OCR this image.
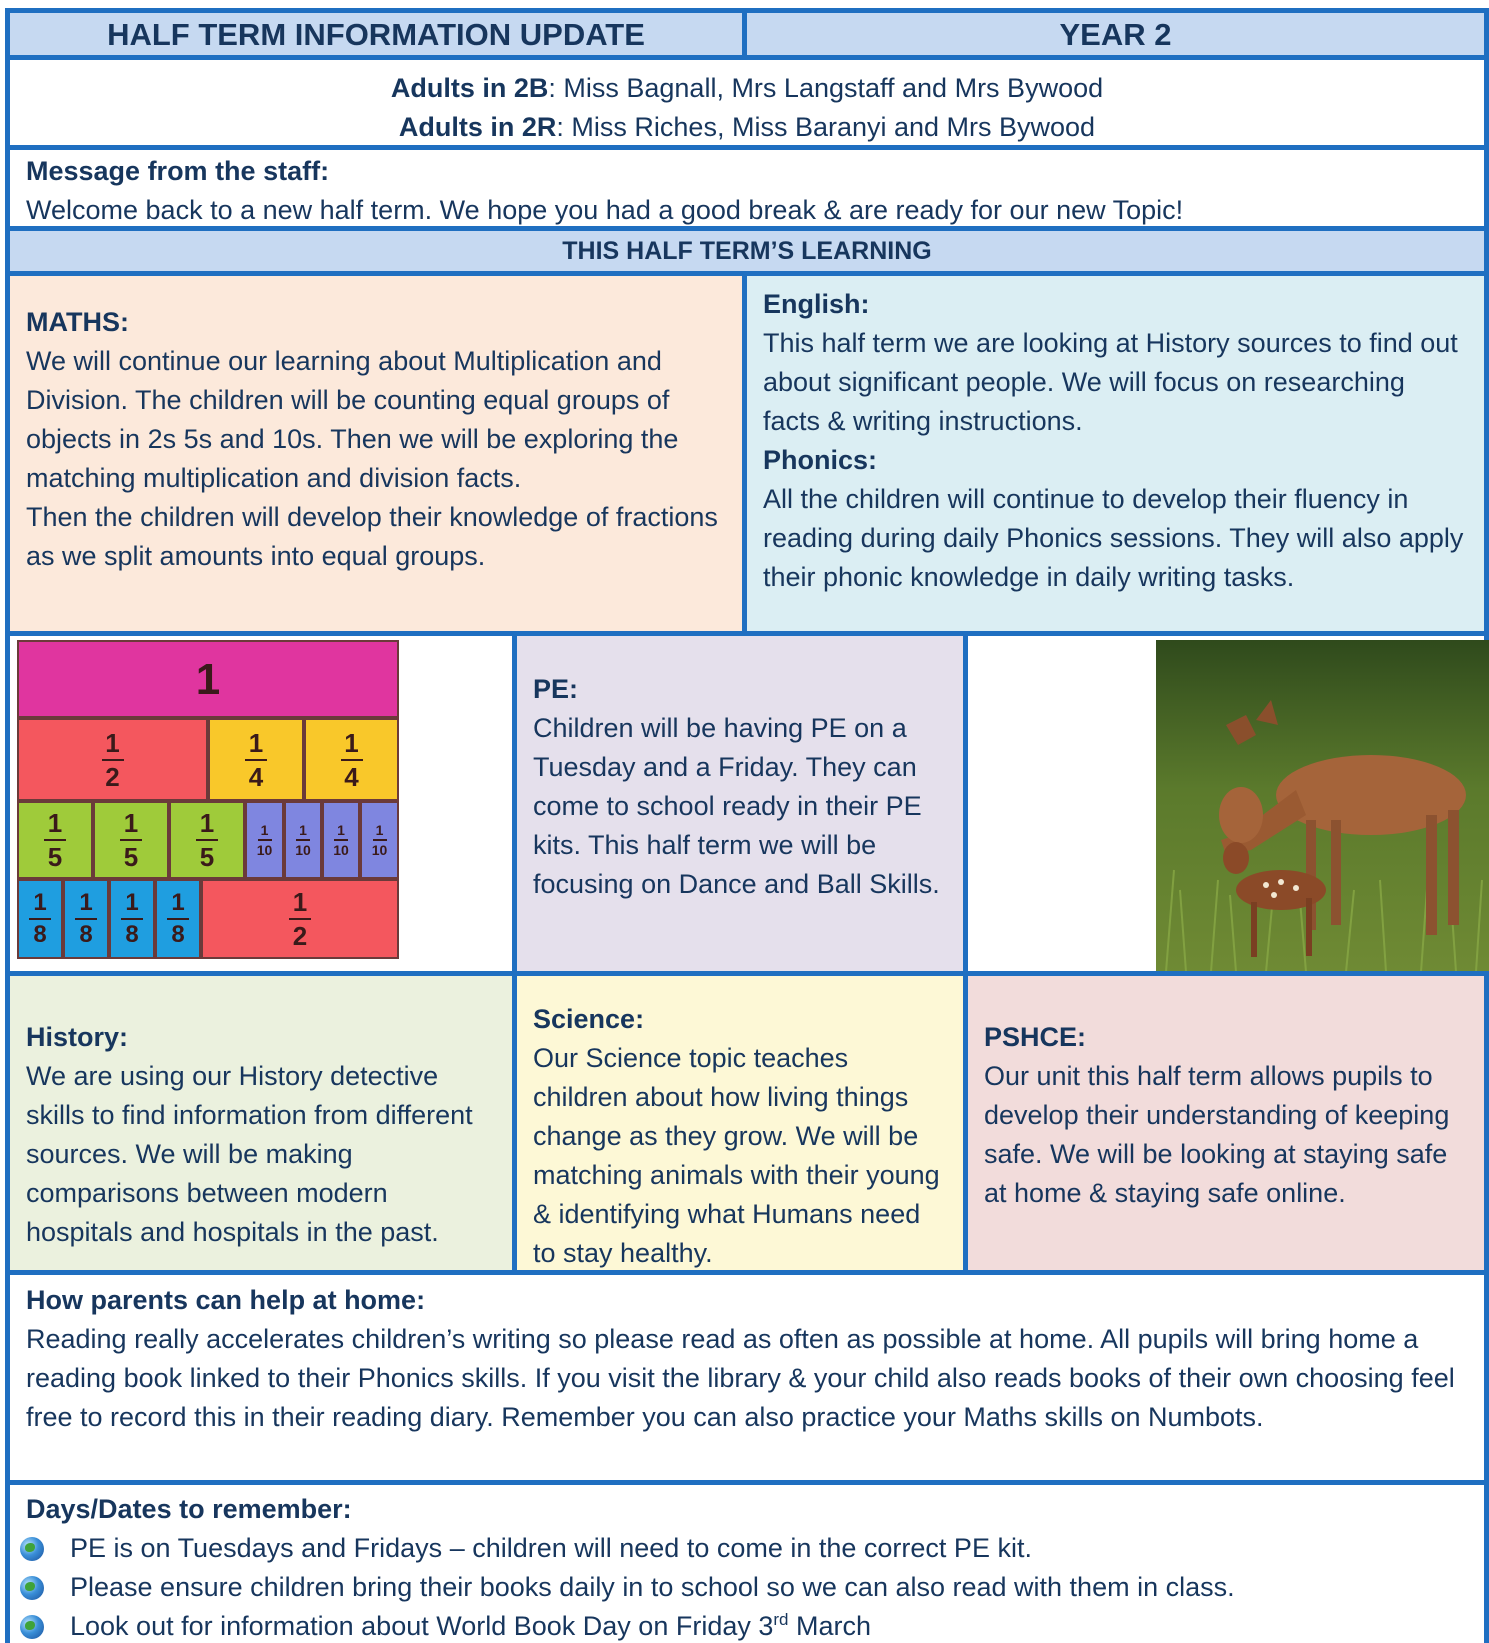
HALF TERM INFORMATION UPDATE	YEAR 2
Adults in 2B: Miss Bagnall, Mrs Langstaff and Mrs Bywood
Adults in 2R: Miss Riches, Miss Baranyi and Mrs Bywood
Message from the staff:
Welcome back to a new half term. We hope you had a good break & are ready for our new Topic!
THIS HALF TERM’S LEARNING
MATHS:
We will continue our learning about Multiplication and Division. The children will be counting equal groups of objects in 2s 5s and 10s. Then we will be exploring the matching multiplication and division facts.
Then the children will develop their knowledge of fractions as we split amounts into equal groups.
English:
This half term we are looking at History sources to find out about significant people. We will focus on researching facts & writing instructions.
Phonics:
All the children will continue to develop their fluency in reading during daily Phonics sessions. They will also apply their phonic knowledge in daily writing tasks.
1
1
2
1
4
1
4
1
5
1
5
1
5
1
10
1
10
1
10
1
10
1
8
1
8
1
8
1
8
1
2
PE:
Children will be having PE on a Tuesday and a Friday. They can come to school ready in their PE kits. This half term we will be focusing on Dance and Ball Skills.
History:
We are using our History detective skills to find information from different sources. We will be making comparisons between modern hospitals and hospitals in the past.
Science:
Our Science topic teaches children about how living things change as they grow. We will be matching animals with their young & identifying what Humans need to stay healthy.
PSHCE:
Our unit this half term allows pupils to develop their understanding of keeping safe. We will be looking at staying safe at home & staying safe online.
How parents can help at home:
Reading really accelerates children’s writing so please read as often as possible at home. All pupils will bring home a reading book linked to their Phonics skills. If you visit the library & your child also reads books of their own choosing feel free to record this in their reading diary. Remember you can also practice your Maths skills on Numbots.
Days/Dates to remember:
PE is on Tuesdays and Fridays – children will need to come in the correct PE kit.
Please ensure children bring their books daily in to school so we can also read with them in class.
Look out for information about World Book Day on Friday 3rd March
